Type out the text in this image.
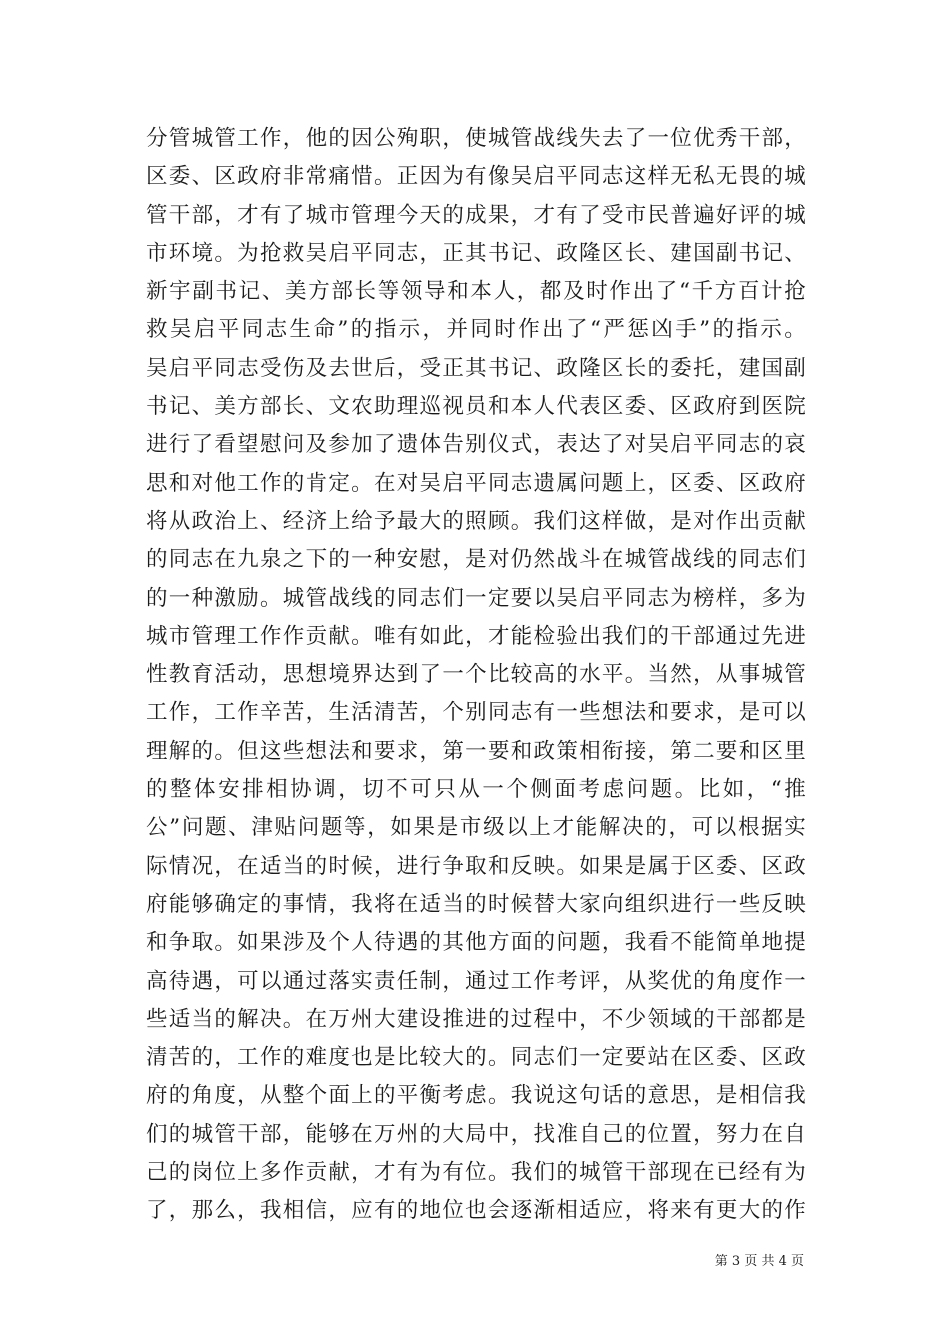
分管城管工作，他的因公殉职，使城管战线失去了一位优秀干部，
区委、区政府非常痛惜。正因为有像吴启平同志这样无私无畏的城
管干部，才有了城市管理今天的成果，才有了受市民普遍好评的城
市环境。为抢救吴启平同志，正其书记、政隆区长、建国副书记、
新宇副书记、美方部长等领导和本人，都及时作出了“千方百计抢
救吴启平同志生命”的指示，并同时作出了“严惩凶手”的指示。
吴启平同志受伤及去世后，受正其书记、政隆区长的委托，建国副
书记、美方部长、文农助理巡视员和本人代表区委、区政府到医院
进行了看望慰问及参加了遗体告别仪式，表达了对吴启平同志的哀
思和对他工作的肯定。在对吴启平同志遗属问题上，区委、区政府
将从政治上、经济上给予最大的照顾。我们这样做，是对作出贡献
的同志在九泉之下的一种安慰，是对仍然战斗在城管战线的同志们
的一种激励。城管战线的同志们一定要以吴启平同志为榜样，多为
城市管理工作作贡献。唯有如此，才能检验出我们的干部通过先进
性教育活动，思想境界达到了一个比较高的水平。当然，从事城管
工作，工作辛苦，生活清苦，个别同志有一些想法和要求，是可以
理解的。但这些想法和要求，第一要和政策相衔接，第二要和区里
的整体安排相协调，切不可只从一个侧面考虑问题。比如，“推
公”问题、津贴问题等，如果是市级以上才能解决的，可以根据实
际情况，在适当的时候，进行争取和反映。如果是属于区委、区政
府能够确定的事情，我将在适当的时候替大家向组织进行一些反映
和争取。如果涉及个人待遇的其他方面的问题，我看不能简单地提
高待遇，可以通过落实责任制，通过工作考评，从奖优的角度作一
些适当的解决。在万州大建设推进的过程中，不少领域的干部都是
清苦的，工作的难度也是比较大的。同志们一定要站在区委、区政
府的角度，从整个面上的平衡考虑。我说这句话的意思，是相信我
们的城管干部，能够在万州的大局中，找准自己的位置，努力在自
己的岗位上多作贡献，才有为有位。我们的城管干部现在已经有为
了，那么，我相信，应有的地位也会逐渐相适应，将来有更大的作
第 3 页 共 4 页
